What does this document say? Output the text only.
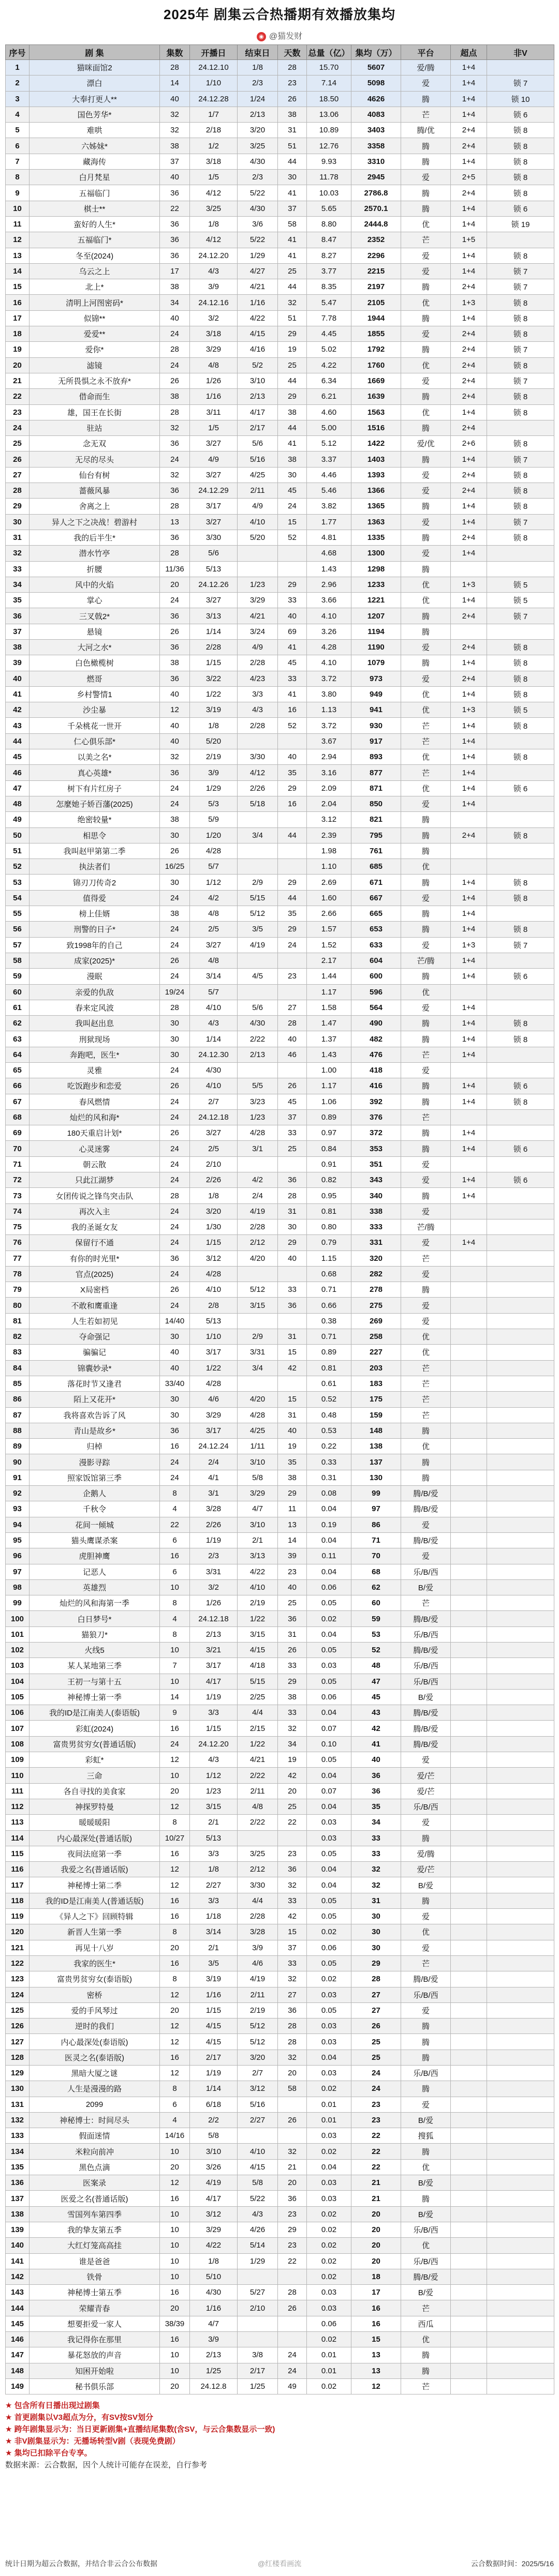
2025年 剧集云合热播期有效播放集均
◉ @猫发财
序号	剧 集	集数	开播日	结束日	天数	总量（亿）	集均（万）	平台	超点	非V
1	猫咪面馆2	28	24.12.10	1/8	28	15.70	5607	爱/腾	1+4	
2	漂白	14	1/10	2/3	23	7.14	5098	爱	1+4	锁 7
3	大奉打更人**	40	24.12.28	1/24	26	18.50	4626	腾	1+4	锁 10
4	国色芳华*	32	1/7	2/13	38	13.06	4083	芒	1+4	锁 6
5	难哄	32	2/18	3/20	31	10.89	3403	腾/优	2+4	锁 8
6	六姊妹*	38	1/2	3/25	51	12.76	3358	腾	2+4	锁 8
7	藏海传	37	3/18	4/30	44	9.93	3310	腾	1+4	锁 8
8	白月梵星	40	1/5	2/3	30	11.78	2945	爱	2+5	锁 8
9	五福临门	36	4/12	5/22	41	10.03	2786.8	腾	2+4	锁 8
10	棋士**	22	3/25	4/30	37	5.65	2570.1	腾	1+4	锁 6
11	蛮好的人生*	36	1/8	3/6	58	8.80	2444.8	优	1+4	锁 19
12	五福临门*	36	4/12	5/22	41	8.47	2352	芒	1+5	
13	冬至(2024)	36	24.12.20	1/29	41	8.27	2296	爱	1+4	锁 8
14	乌云之上	17	4/3	4/27	25	3.77	2215	爱	1+4	锁 7
15	北上*	38	3/9	4/21	44	8.35	2197	腾	2+4	锁 7
16	清明上河图密码*	34	24.12.16	1/16	32	5.47	2105	优	1+3	锁 8
17	似锦**	40	3/2	4/22	51	7.78	1944	腾	1+4	锁 8
18	爱爱**	24	3/18	4/15	29	4.45	1855	爱	2+4	锁 8
19	爱你*	28	3/29	4/16	19	5.02	1792	腾	2+4	锁 7
20	滤镜	24	4/8	5/2	25	4.22	1760	优	2+4	锁 8
21	无所畏惧之永不放弃*	26	1/26	3/10	44	6.34	1669	爱	2+4	锁 7
22	借命而生	38	1/16	2/13	29	6.21	1639	腾	2+4	锁 8
23	雄，国王在长街	28	3/11	4/17	38	4.60	1563	优	1+4	锁 8
24	驻站	32	1/5	2/17	44	5.00	1516	腾	2+4	
25	念无双	36	3/27	5/6	41	5.12	1422	爱/优	2+6	锁 8
26	无尽的尽头	24	4/9	5/16	38	3.37	1403	腾	1+4	锁 7
27	仙台有树	32	3/27	4/25	30	4.46	1393	爱	2+4	锁 8
28	蔷薇风暴	36	24.12.29	2/11	45	5.46	1366	爱	2+4	锁 8
29	舍离之上	28	3/17	4/9	24	3.82	1365	腾	1+4	锁 8
30	异人之下之决战！碧游村	13	3/27	4/10	15	1.77	1363	爱	1+4	锁 7
31	我的后半生*	36	3/30	5/20	52	4.81	1335	腾	2+4	锁 8
32	潜水竹亭	28	5/6			4.68	1300	爱	1+4	
33	折腰	11/36	5/13			1.43	1298	腾		
34	风中的火焰	20	24.12.26	1/23	29	2.96	1233	优	1+3	锁 5
35	掌心	24	3/27	3/29	33	3.66	1221	优	1+4	锁 5
36	三叉戟2*	36	3/13	4/21	40	4.10	1207	腾	2+4	锁 7
37	悬镜	26	1/14	3/24	69	3.26	1194	腾		
38	大河之水*	36	2/28	4/9	41	4.28	1190	爱	2+4	锁 8
39	白色橄榄树	38	1/15	2/28	45	4.10	1079	腾	1+4	锁 8
40	燃哥	36	3/22	4/23	33	3.72	973	爱	2+4	锁 8
41	乡村警情1	40	1/22	3/3	41	3.80	949	优	1+4	锁 8
42	沙尘暴	12	3/19	4/3	16	1.13	941	优	1+3	锁 5
43	千朵桃花一世开	40	1/8	2/28	52	3.72	930	芒	1+4	锁 8
44	仁心俱乐部*	40	5/20			3.67	917	芒	1+4	
45	以美之名*	32	2/19	3/30	40	2.94	893	优	1+4	锁 8
46	真心英雄*	36	3/9	4/12	35	3.16	877	芒	1+4	
47	树下有片红房子	24	1/29	2/26	29	2.09	871	优	1+4	锁 6
48	怎麼她子娇百藩(2025)	24	5/3	5/18	16	2.04	850	爱	1+4	
49	绝密较量*	38	5/9			3.12	821	腾		
50	相思令	30	1/20	3/4	44	2.39	795	腾	2+4	锁 8
51	我叫赵甲第第二季	26	4/28			1.98	761	腾		
52	执法者们	16/25	5/7			1.10	685	优		
53	锦刃刀传奇2	30	1/12	2/9	29	2.69	671	腾	1+4	锁 8
54	值得爱	24	4/2	5/15	44	1.60	667	爱	1+4	锁 8
55	榜上佳婿	38	4/8	5/12	35	2.66	665	腾	1+4	
56	刑警的日子*	24	2/5	3/5	29	1.57	653	腾	1+4	锁 8
57	致1998年的自己	24	3/27	4/19	24	1.52	633	爱	1+3	锁 7
58	成家(2025)*	26	4/8			2.17	604	芒/腾	1+4	
59	漫眠	24	3/14	4/5	23	1.44	600	腾	1+4	锁 6
60	亲爱的仇敌	19/24	5/7			1.17	596	优		
61	春来定风波	28	4/10	5/6	27	1.58	564	爱	1+4	
62	我叫赵出息	30	4/3	4/30	28	1.47	490	腾	1+4	锁 8
63	刑狱现场	30	1/14	2/22	40	1.37	482	腾	1+4	锁 8
64	奔跑吧，医生*	30	24.12.30	2/13	46	1.43	476	芒	1+4	
65	灵雅	24	4/30			1.00	418	爱		
66	吃饭跑步和恋爱	26	4/10	5/5	26	1.17	416	腾	1+4	锁 6
67	春风燃情	24	2/7	3/23	45	1.06	392	腾	1+4	锁 8
68	灿烂的风和海*	24	24.12.18	1/23	37	0.89	376	芒		
69	180天重启计划*	26	3/27	4/28	33	0.97	372	腾	1+4	
70	心灵迷雾	24	2/5	3/1	25	0.84	353	腾	1+4	锁 6
71	朝云散	24	2/10			0.91	351	爱		
72	只此江湖梦	24	2/26	4/2	36	0.82	343	爱	1+4	锁 6
73	女团传说之锋鸟突击队	28	1/8	2/4	28	0.95	340	腾	1+4	
74	再次入主	24	3/20	4/19	31	0.81	338	爱		
75	我的圣诞女友	24	1/30	2/28	30	0.80	333	芒/腾		
76	保留行不通	24	1/15	2/12	29	0.79	331	爱	1+4	
77	有你的时光里*	36	3/12	4/20	40	1.15	320	芒		
78	官点(2025)	24	4/28			0.68	282	爱		
79	X局密档	26	4/10	5/12	33	0.71	278	腾		
80	不敢和鹰重逢	24	2/8	3/15	36	0.66	275	爱		
81	人生若如初见	14/40	5/13			0.38	269	爱		
82	夺命强记	30	1/10	2/9	31	0.71	258	优		
83	骗骗记	40	3/17	3/31	15	0.89	227	优		
84	锦囊妙录*	40	1/22	3/4	42	0.81	203	芒		
85	落花时节又逢君	33/40	4/28			0.61	183	芒		
86	陌上又花开*	30	4/6	4/20	15	0.52	175	芒		
87	我将喜欢告诉了风	30	3/29	4/28	31	0.48	159	芒		
88	青山是故乡*	36	3/17	4/25	40	0.53	148	腾		
89	归棹	16	24.12.24	1/11	19	0.22	138	优		
90	漫影寻踪	24	2/4	3/10	35	0.33	137	腾		
91	照家饭馆第三季	24	4/1	5/8	38	0.31	130	腾		
92	企鹅人	8	3/1	3/29	29	0.08	99	腾/B/爱		
93	千秋令	4	3/28	4/7	11	0.04	97	腾/B/爱		
94	花间一倾城	22	2/26	3/10	13	0.19	86	爱		
95	猫头鹰谋杀案	6	1/19	2/1	14	0.04	71	腾/B/爱		
96	虎胆神鹰	16	2/3	3/13	39	0.11	70	爱		
97	记恶人	6	3/31	4/22	23	0.04	68	乐/B/西		
98	英雄烈	10	3/2	4/10	40	0.06	62	B/爱		
99	灿烂的风和海第一季	8	1/26	2/19	25	0.05	60	芒		
100	白日梦号*	4	24.12.18	1/22	36	0.02	59	腾/B/爱		
101	猫狼刀*	8	2/13	3/15	31	0.04	53	乐/B/西		
102	火线5	10	3/21	4/15	26	0.05	52	腾/B/爱		
103	某人某地第三季	7	3/17	4/18	33	0.03	48	乐/B/西		
104	王初一与第十五	10	4/17	5/15	29	0.05	47	乐/B/西		
105	神秘博士第一季	14	1/19	2/25	38	0.06	45	B/爱		
106	我的ID是江南美人(泰语版)	9	3/3	4/4	33	0.04	43	腾/B/爱		
107	彩虹(2024)	16	1/15	2/15	32	0.07	42	腾/B/爱		
108	富贵男贫穷女(普通话版)	24	24.12.20	1/22	34	0.10	41	腾/B/爱		
109	彩虹*	12	4/3	4/21	19	0.05	40	爱		
110	三命	10	1/12	2/22	42	0.04	36	爱/芒		
111	各自寻找的美食家	20	1/23	2/11	20	0.07	36	爱/芒		
112	神探罗特曼	12	3/15	4/8	25	0.04	35	乐/B/西		
113	暖暖暖阳	8	2/1	2/22	22	0.03	34	爱		
114	内心最深处(普通话版)	10/27	5/13			0.03	33	腾		
115	夜间法庭第一季	16	3/3	3/25	23	0.05	33	爱/腾		
116	我爱之名(普通话版)	12	1/8	2/12	36	0.04	32	爱/芒		
117	神秘博士第二季	12	2/27	3/30	32	0.04	32	B/爱		
118	我的ID是江南美人(普通话版)	16	3/3	4/4	33	0.05	31	腾		
119	《异人之下》回顾特辑	16	1/18	2/28	42	0.05	30	爱		
120	新晋人生第一季	8	3/14	3/28	15	0.02	30	优		
121	再见十八岁	20	2/1	3/9	37	0.06	30	爱		
122	我家的医生*	16	3/5	4/6	33	0.05	29	芒		
123	富贵男贫穷女(泰语版)	8	3/19	4/19	32	0.02	28	腾/B/爱		
124	密桥	12	1/16	2/11	27	0.03	27	乐/B/西		
125	爱的手风琴过	20	1/15	2/19	36	0.05	27	爱		
126	逆时的我们	12	4/15	5/12	28	0.03	26	腾		
127	内心最深处(泰语版)	12	4/15	5/12	28	0.03	25	腾		
128	医灵之名(泰语版)	16	2/17	3/20	32	0.04	25	腾		
129	黑暗大厦之谜	12	1/19	2/7	20	0.03	24	乐/B/西		
130	人生是漫漫的路	8	1/14	3/12	58	0.02	24	腾		
131	2099	6	6/18	5/16		0.01	23	爱		
132	神秘博士：时间尽头	4	2/2	2/27	26	0.01	23	B/爱		
133	假面迷情	14/16	5/8			0.03	22	搜狐		
134	米粒向前冲	10	3/10	4/10	32	0.02	22	腾		
135	黑色点滴	20	3/26	4/15	21	0.04	22	优		
136	医案录	12	4/19	5/8	20	0.03	21	B/爱		
137	医爱之名(普通话版)	16	4/17	5/22	36	0.03	21	腾		
138	雪国列车第四季	10	3/12	4/3	23	0.02	20	B/爱		
139	我的挚友第五季	10	3/29	4/26	29	0.02	20	乐/B/西		
140	大红灯笼高高挂	10	4/22	5/14	23	0.02	20	优		
141	谁是爸爸	10	1/8	1/29	22	0.02	20	乐/B/西		
142	铁骨	10	5/10			0.02	18	腾/B/爱		
143	神秘博士第五季	16	4/30	5/27	28	0.03	17	B/爱		
144	荣耀青春	20	1/16	2/10	26	0.03	16	芒		
145	想要拒爱一家人	38/39	4/7			0.06	16	西瓜		
146	我记得你在那里	16	3/9			0.02	15	优		
147	暴花怒放的声音	10	2/13	3/8	24	0.01	13	腾		
148	知困开始啦	10	1/25	2/17	24	0.01	13	腾		
149	秘书俱乐部	20	24.12.8	1/25	49	0.02	12	芒		
★ 包含所有日播出现过剧集
★ 首更剧集以V3超点为分，有SV按SV划分
★ 跨年剧集显示为：当日更新剧集+直播结尾集数(含SV，与云合集数显示一致)
★ 非V剧集显示为：无播场转型V剧（表现免费剧）
★ 集均已扣除平台专享。
数据来源：云合数据，因个人统计可能存在误差，自行参考
统计日期为超云合数据，并结合非云合公布数据	@红楼看画流	云合数据时间：2025/5/16
